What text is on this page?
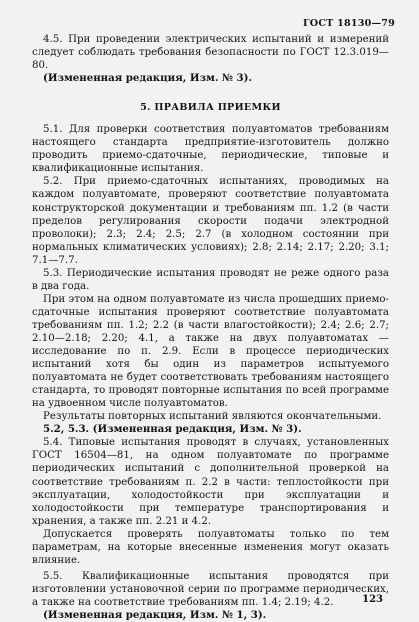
ГОСТ 18130—79

4.5. При проведении электрических испытаний и измерений следует соблюдать требования безопасности по ГОСТ 12.3.019—80.

(Измененная редакция, Изм. № 3).

5. ПРАВИЛА ПРИЕМКИ

5.1. Для проверки соответствия полуавтоматов требованиям настоящего стандарта предприятие-изготовитель должно проводить приемо-сдаточные, периодические, типовые и квалификационные испытания.

5.2. При приемо-сдаточных испытаниях, проводимых на каждом полуавтомате, проверяют соответствие полуавтомата конструкторской документации и требованиям пп. 1.2 (в части пределов регулирования скорости подачи электродной проволоки); 2.3; 2.4; 2.5; 2.7 (в холодном состоянии при нормальных климатических условиях); 2.8; 2.14; 2.17; 2.20; 3.1; 7.1—7.7.

5.3. Периодические испытания проводят не реже одного раза в два года.

При этом на одном полуавтомате из числа прошедших приемо-сдаточные испытания проверяют соответствие полуавтомата требованиям пп. 1.2; 2.2 (в части влагостойкости); 2.4; 2.6; 2.7; 2.10—2.18; 2.20; 4.1, а также на двух полуавтоматах — исследование по п. 2.9. Если в процессе периодических испытаний хотя бы один из параметров испытуемого полуавтомата не будет соответствовать требованиям настоящего стандарта, то проводят повторные испытания по всей программе на удвоенном числе полуавтоматов.

Результаты повторных испытаний являются окончательными.

5.2, 5.3. (Измененная редакция, Изм. № 3).

5.4. Типовые испытания проводят в случаях, установленных ГОСТ 16504—81, на одном полуавтомате по программе периодических испытаний с дополнительной проверкой на соответствие требованиям п. 2.2 в части: теплостойкости при эксплуатации, холодостойкости при эксплуатации и холодостойкости при температуре транспортирования и хранения, а также пп. 2.21 и 4.2.

Допускается проверять полуавтоматы только по тем параметрам, на которые внесенные изменения могут оказать влияние.

5.5. Квалификационные испытания проводятся при изготовлении установочной серии по программе периодических, а также на соответствие требованиям пп. 1.4; 2.19; 4.2.

(Измененная редакция, Изм. № 1, 3).

123
